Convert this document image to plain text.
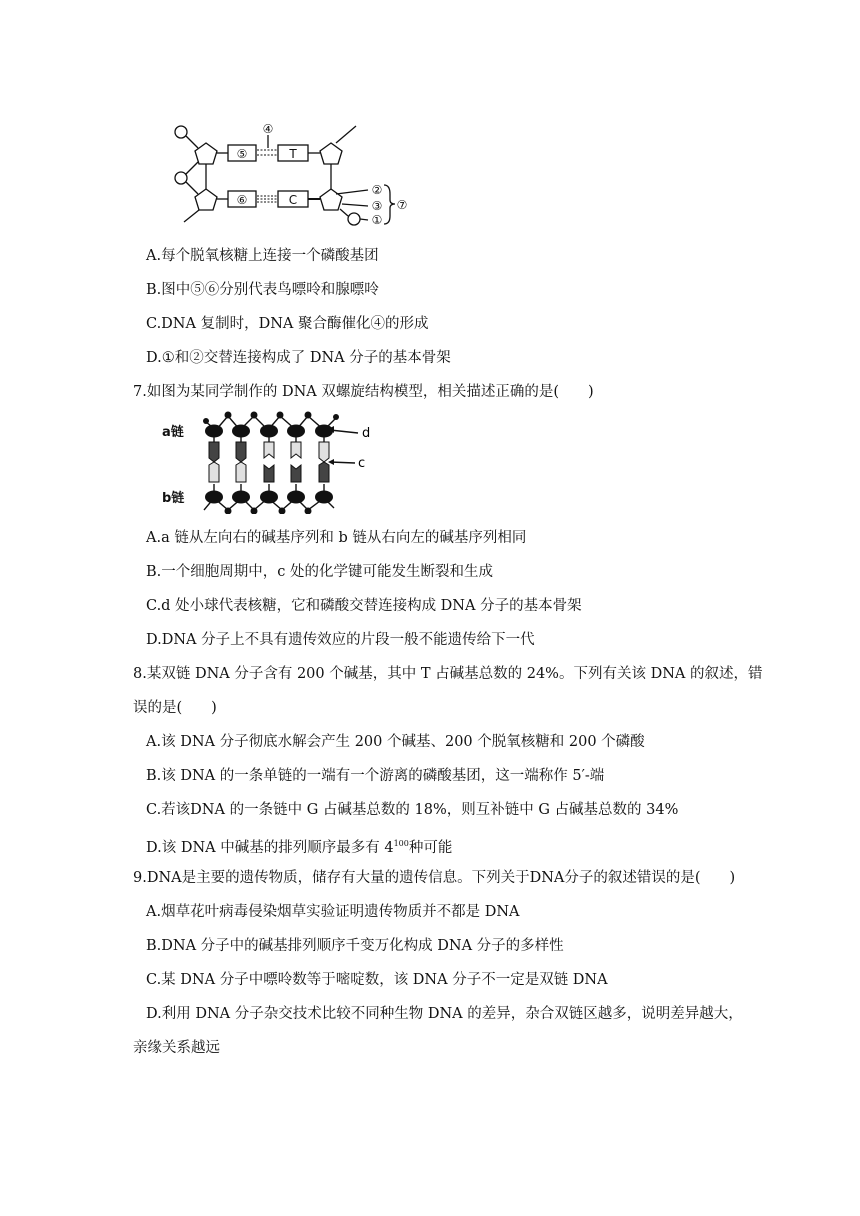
④
⑤	T
⑥	C
②
③
①
⑦
A.每个脱氧核糖上连接一个磷酸基团
B.图中⑤⑥分别代表鸟嘌呤和腺嘌呤
C.DNA 复制时，DNA 聚合酶催化④的形成
D.①和②交替连接构成了 DNA 分子的基本骨架
7.如图为某同学制作的 DNA 双螺旋结构模型，相关描述正确的是(　　)
a链
b链
d
c
A.a 链从左向右的碱基序列和 b 链从右向左的碱基序列相同
B.一个细胞周期中，c 处的化学键可能发生断裂和生成
C.d 处小球代表核糖，它和磷酸交替连接构成 DNA 分子的基本骨架
D.DNA 分子上不具有遗传效应的片段一般不能遗传给下一代
8.某双链 DNA 分子含有 200 个碱基，其中 T 占碱基总数的 24%。下列有关该 DNA 的叙述，错
误的是(　　)
A.该 DNA 分子彻底水解会产生 200 个碱基、200 个脱氧核糖和 200 个磷酸
B.该 DNA 的一条单链的一端有一个游离的磷酸基团，这一端称作 5′-端
C.若该DNA 的一条链中 G 占碱基总数的 18%，则互补链中 G 占碱基总数的 34%
D.该 DNA 中碱基的排列顺序最多有 $4^{100}$种可能
9.DNA是主要的遗传物质，储存有大量的遗传信息。下列关于DNA分子的叙述错误的是(　　)
A.烟草花叶病毒侵染烟草实验证明遗传物质并不都是 DNA
B.DNA 分子中的碱基排列顺序千变万化构成 DNA 分子的多样性
C.某 DNA 分子中嘌呤数等于嘧啶数，该 DNA 分子不一定是双链 DNA
D.利用 DNA 分子杂交技术比较不同种生物 DNA 的差异，杂合双链区越多，说明差异越大，
亲缘关系越远
